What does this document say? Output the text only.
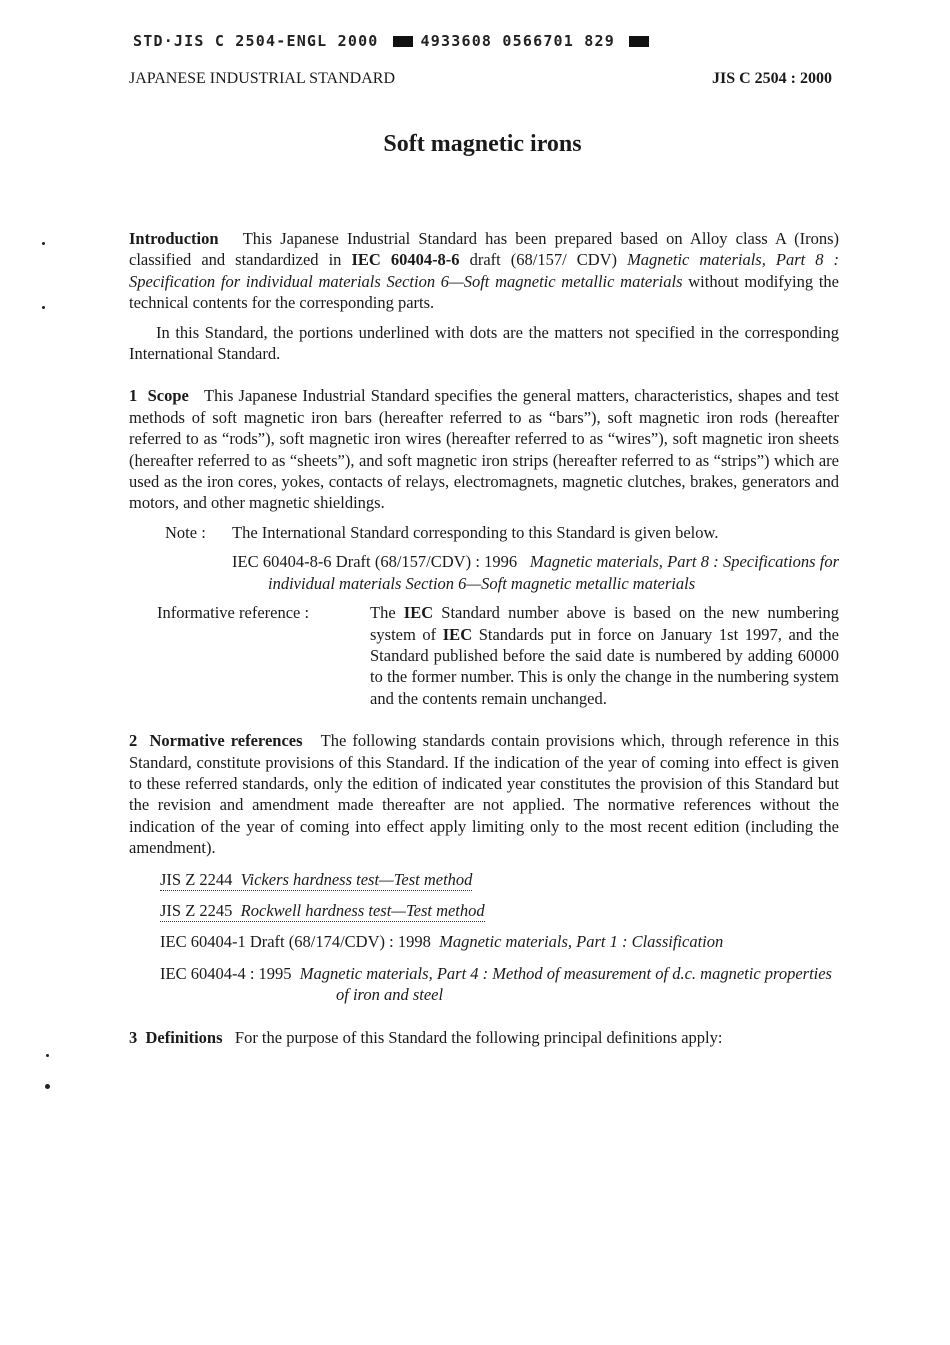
STD·JIS C 2504-ENGL 2000	4933608 0566701 829
JAPANESE INDUSTRIAL STANDARD	JIS C 2504 : 2000
Soft magnetic irons

Introduction This Japanese Industrial Standard has been prepared based on Alloy class A (Irons) classified and standardized in IEC 60404-8-6 draft (68/157/ CDV) Magnetic materials, Part 8 : Specification for individual materials Section 6—Soft magnetic metallic materials without modifying the technical contents for the corresponding parts.

In this Standard, the portions underlined with dots are the matters not specified in the corresponding International Standard.

1 Scope This Japanese Industrial Standard specifies the general matters, characteristics, shapes and test methods of soft magnetic iron bars (hereafter referred to as “bars”), soft magnetic iron rods (hereafter referred to as “rods”), soft magnetic iron wires (hereafter referred to as “wires”), soft magnetic iron sheets (hereafter referred to as “sheets”), and soft magnetic iron strips (hereafter referred to as “strips”) which are used as the iron cores, yokes, contacts of relays, electromagnets, magnetic clutches, brakes, generators and motors, and other magnetic shieldings.

Note :	The International Standard corresponding to this Standard is given below.

IEC 60404-8-6 Draft (68/157/CDV) : 1996 Magnetic materials, Part 8 : Specifications for individual materials Section 6—Soft magnetic metallic materials

Informative reference :	The IEC Standard number above is based on the new numbering system of IEC Standards put in force on January 1st 1997, and the Standard published before the said date is numbered by adding 60000 to the former number. This is only the change in the numbering system and the contents remain unchanged.

2 Normative references The following standards contain provisions which, through reference in this Standard, constitute provisions of this Standard. If the indication of the year of coming into effect is given to these referred standards, only the edition of indicated year constitutes the provision of this Standard but the revision and amendment made thereafter are not applied. The normative references without the indication of the year of coming into effect apply limiting only to the most recent edition (including the amendment).

JIS Z 2244 Vickers hardness test—Test method
JIS Z 2245 Rockwell hardness test—Test method
IEC 60404-1 Draft (68/174/CDV) : 1998 Magnetic materials, Part 1 : Classification
IEC 60404-4 : 1995 Magnetic materials, Part 4 : Method of measurement of d.c. magnetic properties of iron and steel

3 Definitions For the purpose of this Standard the following principal definitions apply:
